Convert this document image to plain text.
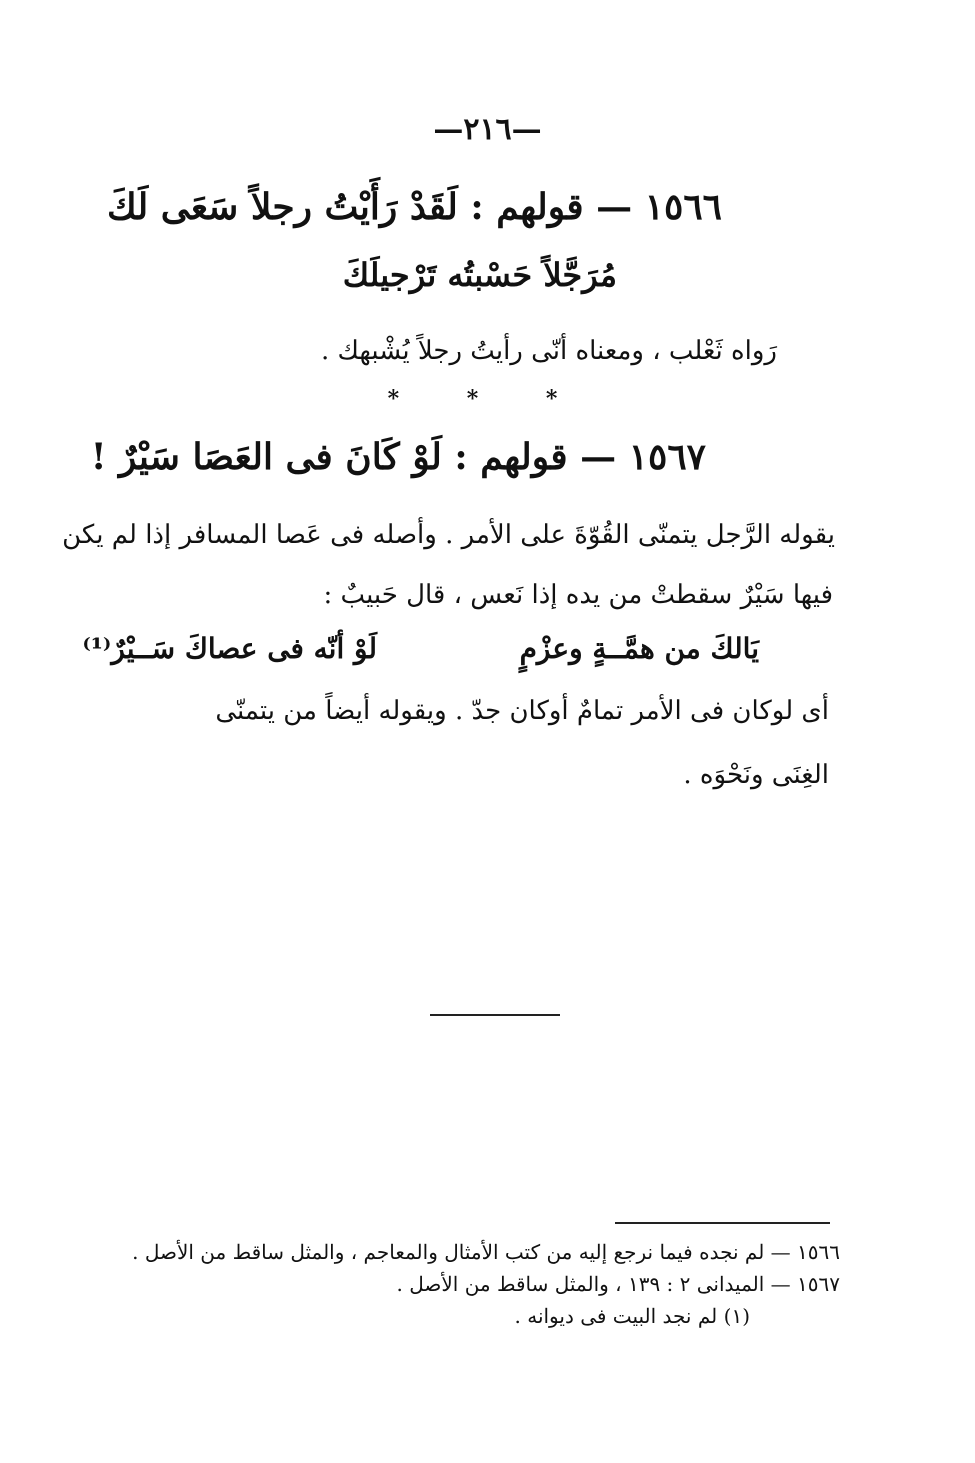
—٢١٦—
١٥٦٦ — قولهم : لَقَدْ رَأَيْتُ رجلاً سَعَى لَكَ
مُرَجَّلاً حَسْبتُه تَرْجيلَكَ
رَواه ثَعْلب ، ومعناه أنّى رأيتُ رجلاً يُشْبهك .
* * *
١٥٦٧ — قولهم : لَوْ كَانَ فى العَصَا سَيْرٌ !
يقوله الرَّجل يتمنّى القُوّةَ على الأمر . وأصله فى عَصا المسافر إذا لم يكن
فيها سَيْرٌ سقطتْ من يده إذا نَعس ، قال حَبيبٌ :
يَالكَ من همَّــةٍ وعزْمٍ
لَوْ أنّه فى عصاكَ سَــيْرٌ⁽¹⁾
أى لوكان فى الأمر تمامٌ أوكان جدّ . ويقوله أيضاً من يتمنّى
الغِنَى ونَحْوَه .
١٥٦٦ — لم نجده فيما نرجع إليه من كتب الأمثال والمعاجم ، والمثل ساقط من الأصل .
١٥٦٧ — الميدانى ٢ : ١٣٩ ، والمثل ساقط من الأصل .
(١) لم نجد البيت فى ديوانه .
